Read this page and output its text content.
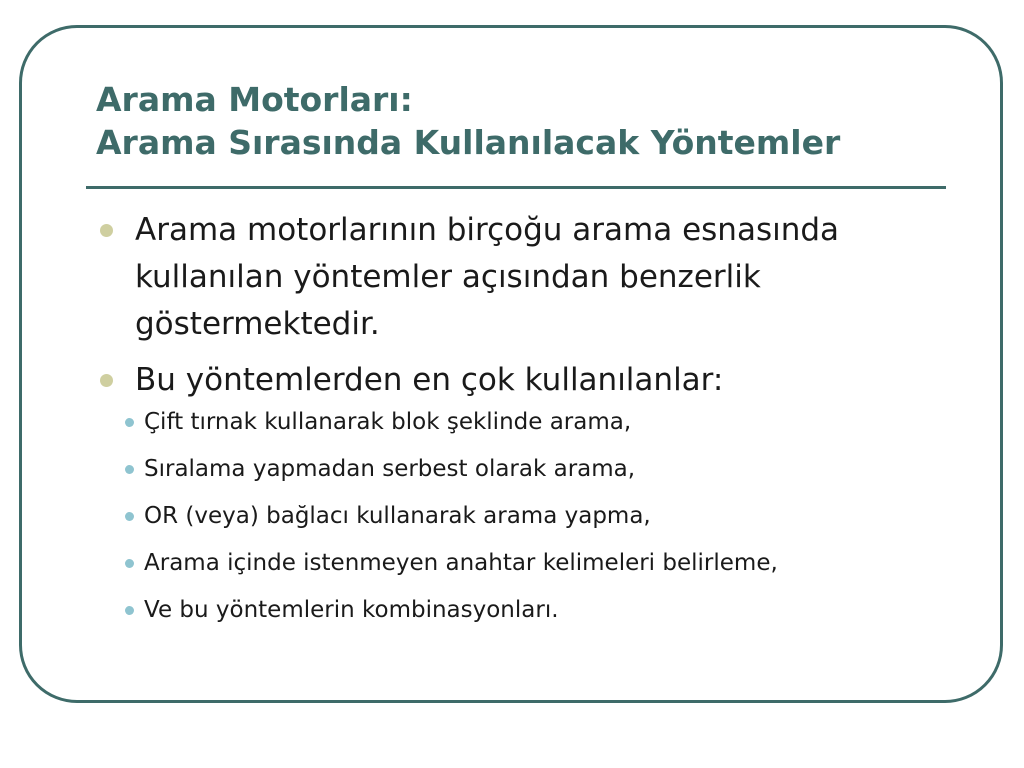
Arama Motorları:
Arama Sırasında Kullanılacak Yöntemler
Arama motorlarının birçoğu arama esnasında kullanılan yöntemler açısından benzerlik göstermektedir.
Bu yöntemlerden en çok kullanılanlar:
Çift tırnak kullanarak blok şeklinde arama,
Sıralama yapmadan serbest olarak arama,
OR (veya) bağlacı kullanarak arama yapma,
Arama içinde istenmeyen anahtar kelimeleri belirleme,
Ve bu yöntemlerin kombinasyonları.
